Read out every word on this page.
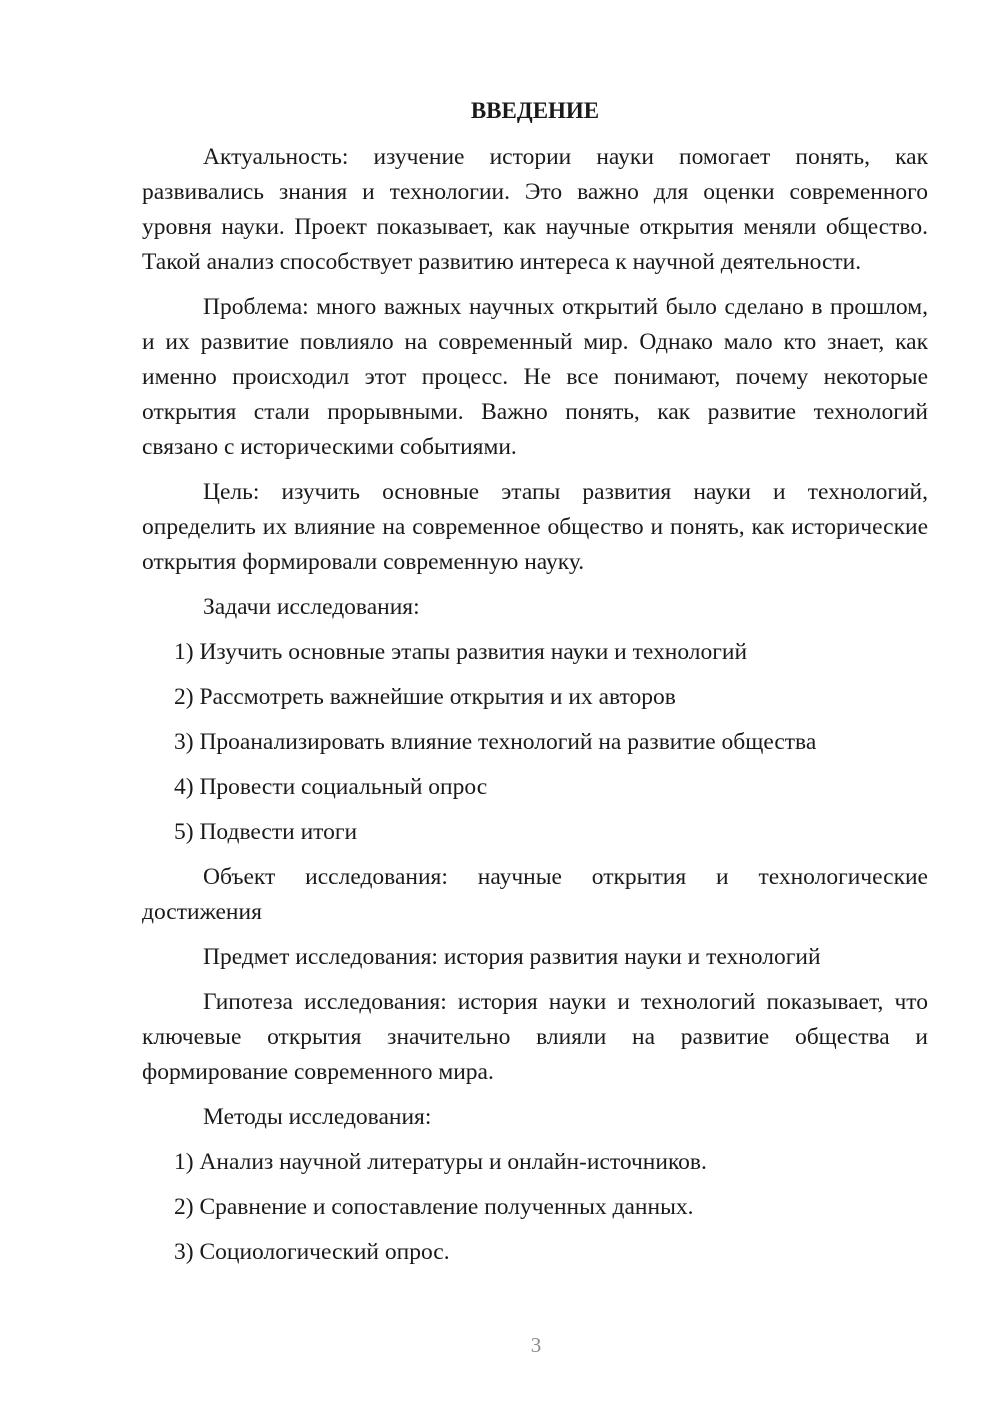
ВВЕДЕНИЕ

Актуальность: изучение истории науки помогает понять, как развивались знания и технологии. Это важно для оценки современного уровня науки. Проект показывает, как научные открытия меняли общество. Такой анализ способствует развитию интереса к научной деятельности.

Проблема: много важных научных открытий было сделано в прошлом, и их развитие повлияло на современный мир. Однако мало кто знает, как именно происходил этот процесс. Не все понимают, почему некоторые открытия стали прорывными. Важно понять, как развитие технологий связано с историческими событиями.

Цель: изучить основные этапы развития науки и технологий, определить их влияние на современное общество и понять, как исторические открытия формировали современную науку.

Задачи исследования:

1) Изучить основные этапы развития науки и технологий
2) Рассмотреть важнейшие открытия и их авторов
3) Проанализировать влияние технологий на развитие общества
4) Провести социальный опрос
5) Подвести итоги

Объект исследования: научные открытия и технологические достижения

Предмет исследования: история развития науки и технологий

Гипотеза исследования: история науки и технологий показывает, что ключевые открытия значительно влияли на развитие общества и формирование современного мира.

Методы исследования:

1) Анализ научной литературы и онлайн-источников.
2) Сравнение и сопоставление полученных данных.
3) Социологический опрос.
3
